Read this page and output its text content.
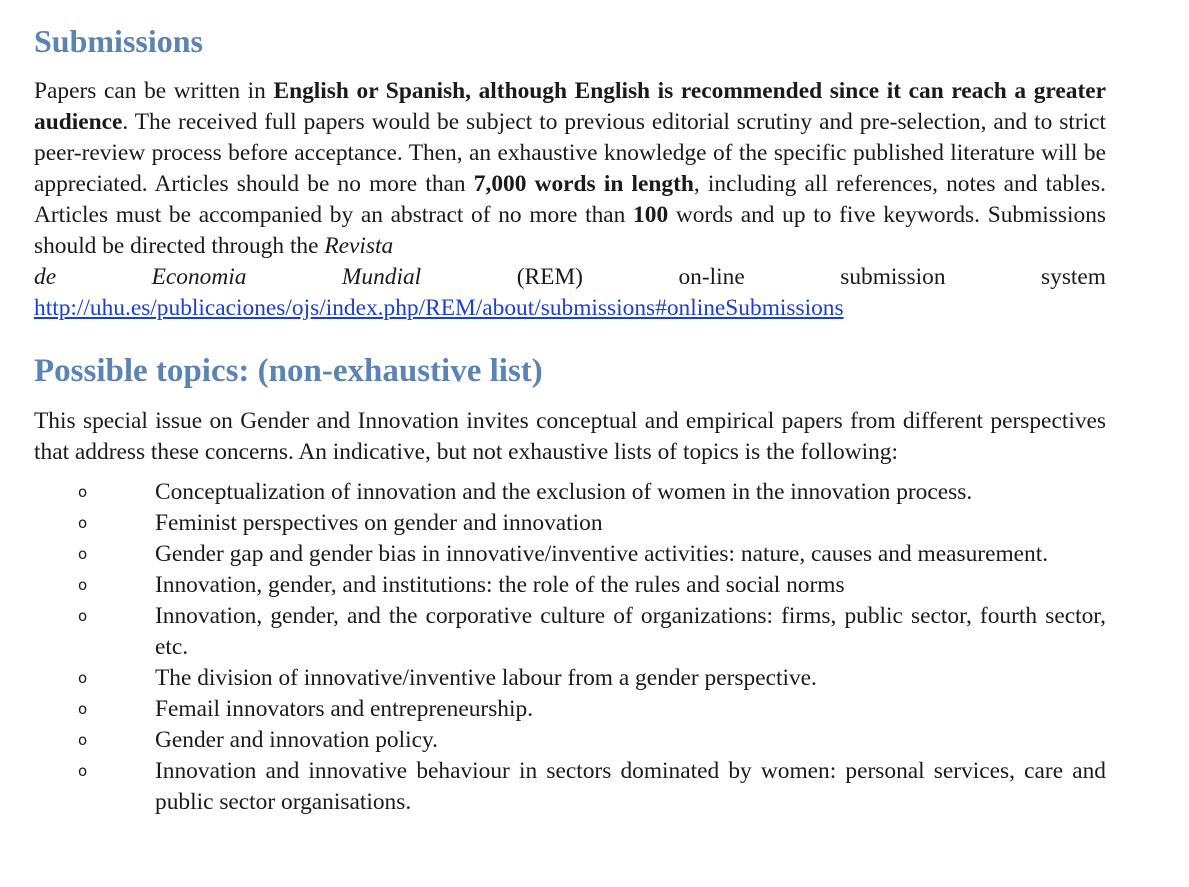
Submissions

Papers can be written in English or Spanish, although English is recommended since it can reach a greater audience. The received full papers would be subject to previous editorial scrutiny and pre-selection, and to strict peer-review process before acceptance. Then, an exhaustive knowledge of the specific published literature will be appreciated. Articles should be no more than 7,000 words in length, including all references, notes and tables. Articles must be accompanied by an abstract of no more than 100 words and up to five keywords. Submissions should be directed through the Revista

de	Economia	Mundial	(REM)	on-line	submission	system
http://uhu.es/publicaciones/ojs/index.php/REM/about/submissions#onlineSubmissions
Possible topics: (non-exhaustive list)

This special issue on Gender and Innovation invites conceptual and empirical papers from different perspectives that address these concerns. An indicative, but not exhaustive lists of topics is the following:

o	Conceptualization of innovation and the exclusion of women in the innovation process.
o	Feminist perspectives on gender and innovation
o	Gender gap and gender bias in innovative/inventive activities: nature, causes and measurement.
o	Innovation, gender, and institutions: the role of the rules and social norms
o	Innovation, gender, and the corporative culture of organizations: firms, public sector, fourth sector, etc.
o	The division of innovative/inventive labour from a gender perspective.
o	Femail innovators and entrepreneurship.
o	Gender and innovation policy.
o	Innovation and innovative behaviour in sectors dominated by women: personal services, care and public sector organisations.
